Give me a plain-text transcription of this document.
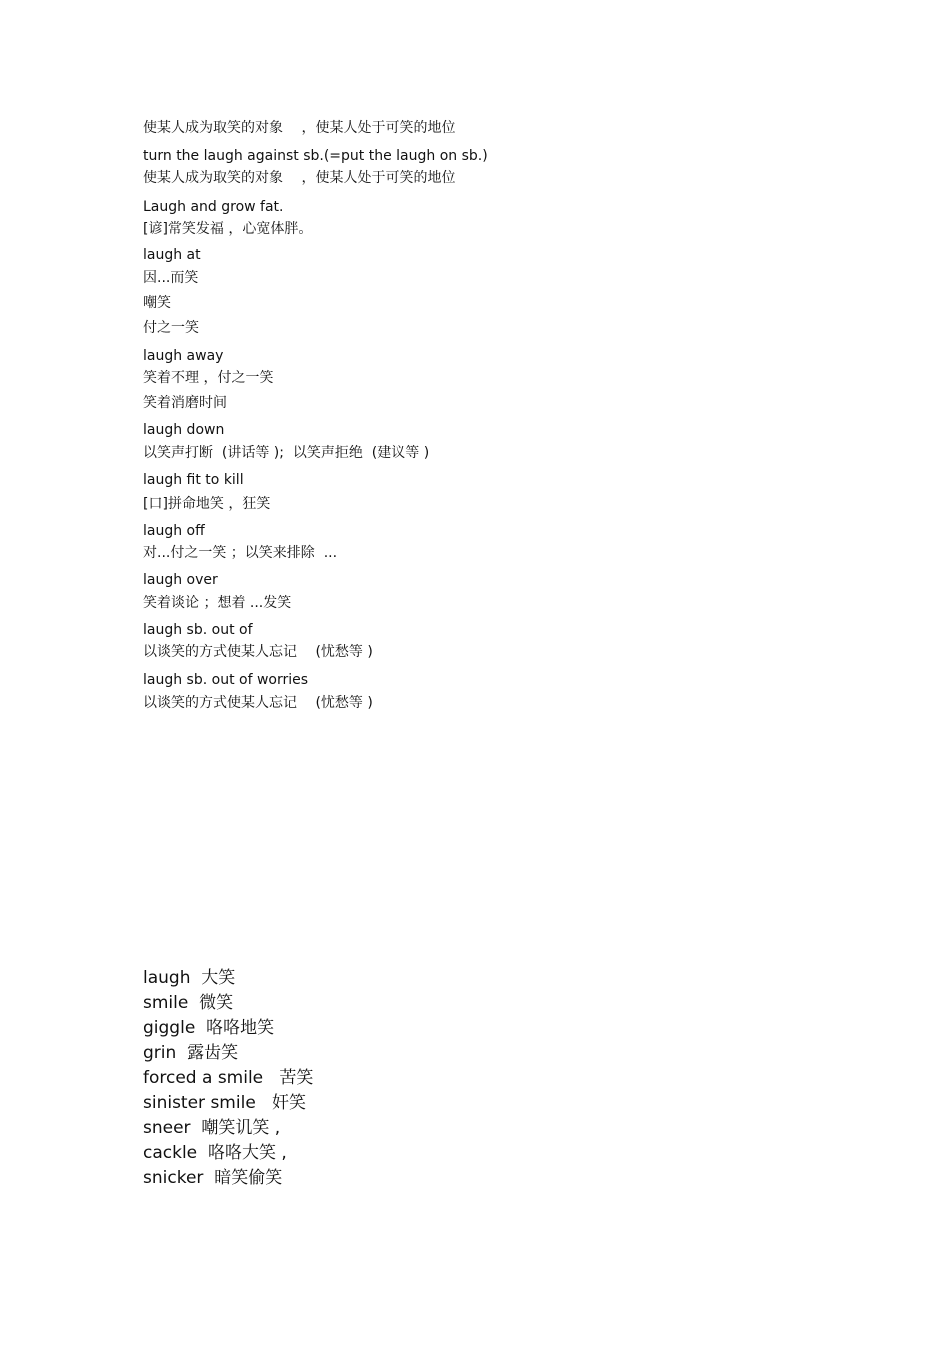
使某人成为取笑的对象　 ，使某人处于可笑的地位
turn the laugh against sb.(=put the laugh on sb.)
使某人成为取笑的对象　 ，使某人处于可笑的地位
Laugh and grow fat.
[谚]常笑发福 ，心宽体胖。
laugh at
因...而笑
嘲笑
付之一笑
laugh away
笑着不理 ，付之一笑
笑着消磨时间
laugh down
以笑声打断  (讲话等 );  以笑声拒绝  (建议等 )
laugh fit to kill
[口]拼命地笑 ，狂笑
laugh off
对...付之一笑 ；以笑来排除  ...
laugh over
笑着谈论 ；想着 ...发笑
laugh sb. out of
以谈笑的方式使某人忘记　 (忧愁等 )
laugh sb. out of worries
以谈笑的方式使某人忘记　 (忧愁等 )
laugh  大笑
smile  微笑
giggle  咯咯地笑
grin  露齿笑
forced a smile   苦笑
sinister smile   奸笑
sneer  嘲笑讥笑 ,
cackle  咯咯大笑 ,
snicker  暗笑偷笑
